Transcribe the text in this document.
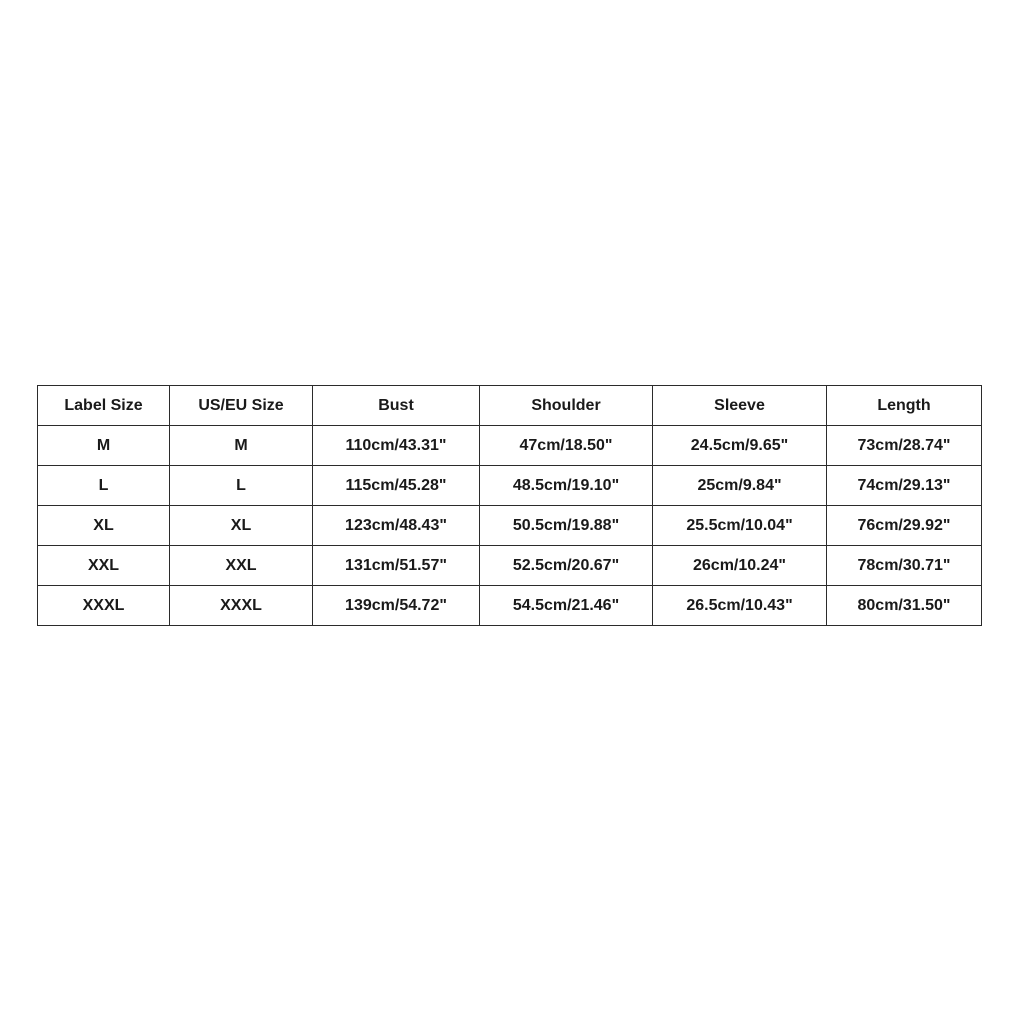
Label Size	US/EU Size	Bust	Shoulder	Sleeve	Length
M	M	110cm/43.31"	47cm/18.50"	24.5cm/9.65"	73cm/28.74"
L	L	115cm/45.28"	48.5cm/19.10"	25cm/9.84"	74cm/29.13"
XL	XL	123cm/48.43"	50.5cm/19.88"	25.5cm/10.04"	76cm/29.92"
XXL	XXL	131cm/51.57"	52.5cm/20.67"	26cm/10.24"	78cm/30.71"
XXXL	XXXL	139cm/54.72"	54.5cm/21.46"	26.5cm/10.43"	80cm/31.50"
